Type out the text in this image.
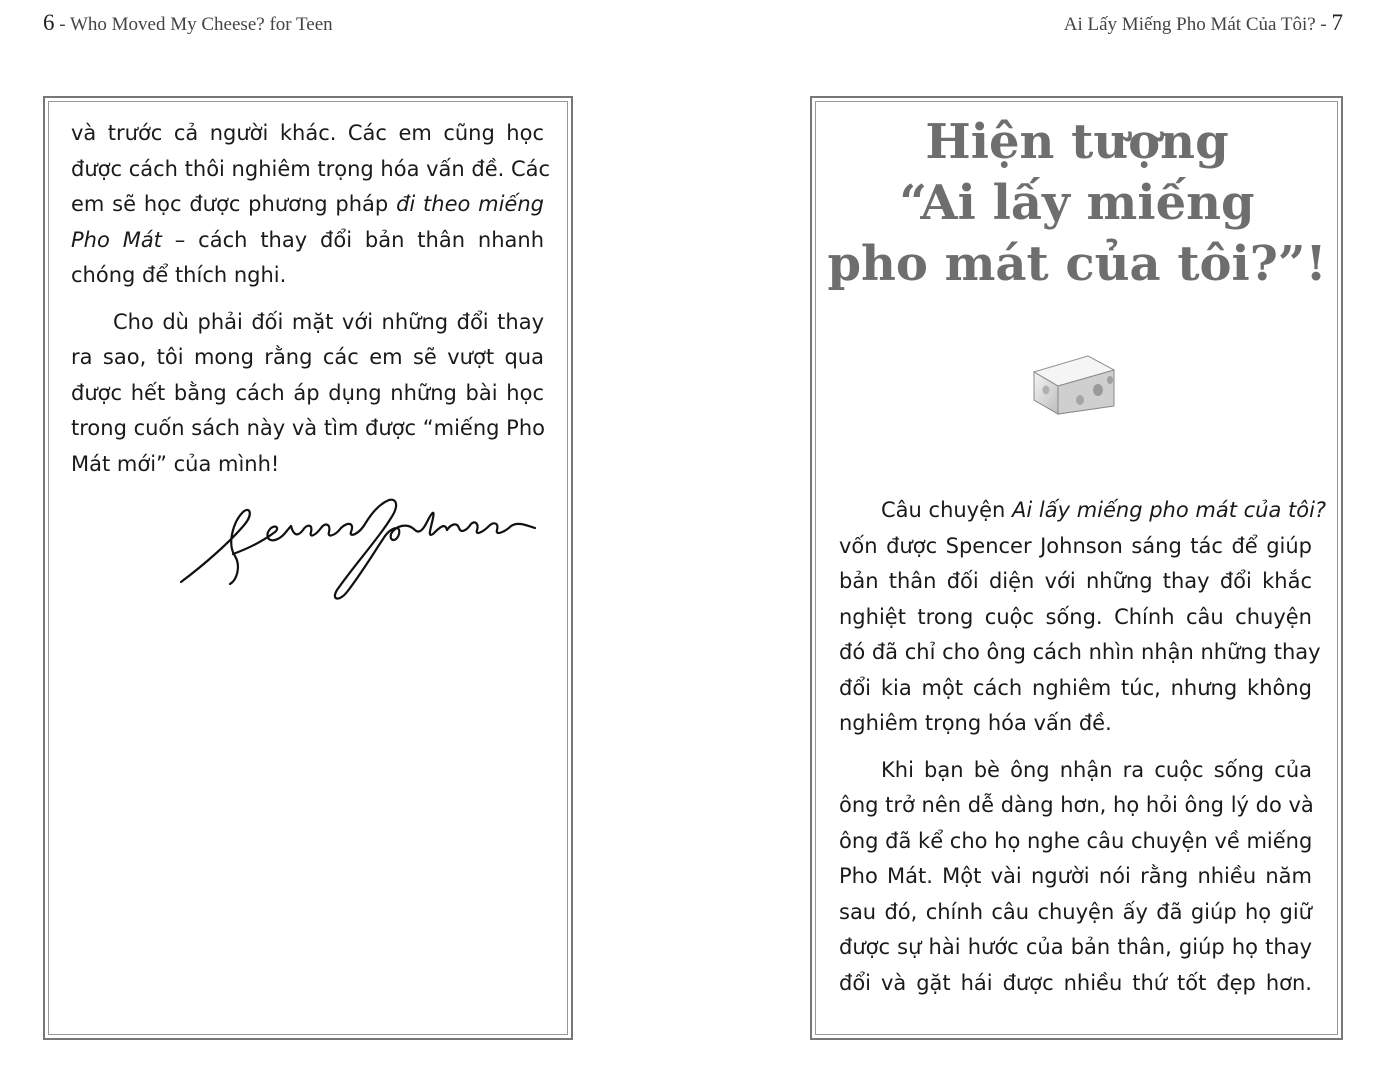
6 - Who Moved My Cheese? for Teen	Ai Lấy Miếng Pho Mát Của Tôi? - 7

và trước cả người khác. Các em cũng học
được cách thôi nghiêm trọng hóa vấn đề. Các
em sẽ học được phương pháp đi theo miếng
Pho Mát – cách thay đổi bản thân nhanh
chóng để thích nghi.

Cho dù phải đối mặt với những đổi thay
ra sao, tôi mong rằng các em sẽ vượt qua
được hết bằng cách áp dụng những bài học
trong cuốn sách này và tìm được “miếng Pho
Mát mới” của mình!

Hiện tượng
“Ai lấy miếng
pho mát của tôi?”!

Câu chuyện Ai lấy miếng pho mát của tôi?
vốn được Spencer Johnson sáng tác để giúp
bản thân đối diện với những thay đổi khắc
nghiệt trong cuộc sống. Chính câu chuyện
đó đã chỉ cho ông cách nhìn nhận những thay
đổi kia một cách nghiêm túc, nhưng không
nghiêm trọng hóa vấn đề.

Khi bạn bè ông nhận ra cuộc sống của
ông trở nên dễ dàng hơn, họ hỏi ông lý do và
ông đã kể cho họ nghe câu chuyện về miếng
Pho Mát. Một vài người nói rằng nhiều năm
sau đó, chính câu chuyện ấy đã giúp họ giữ
được sự hài hước của bản thân, giúp họ thay
đổi và gặt hái được nhiều thứ tốt đẹp hơn.
